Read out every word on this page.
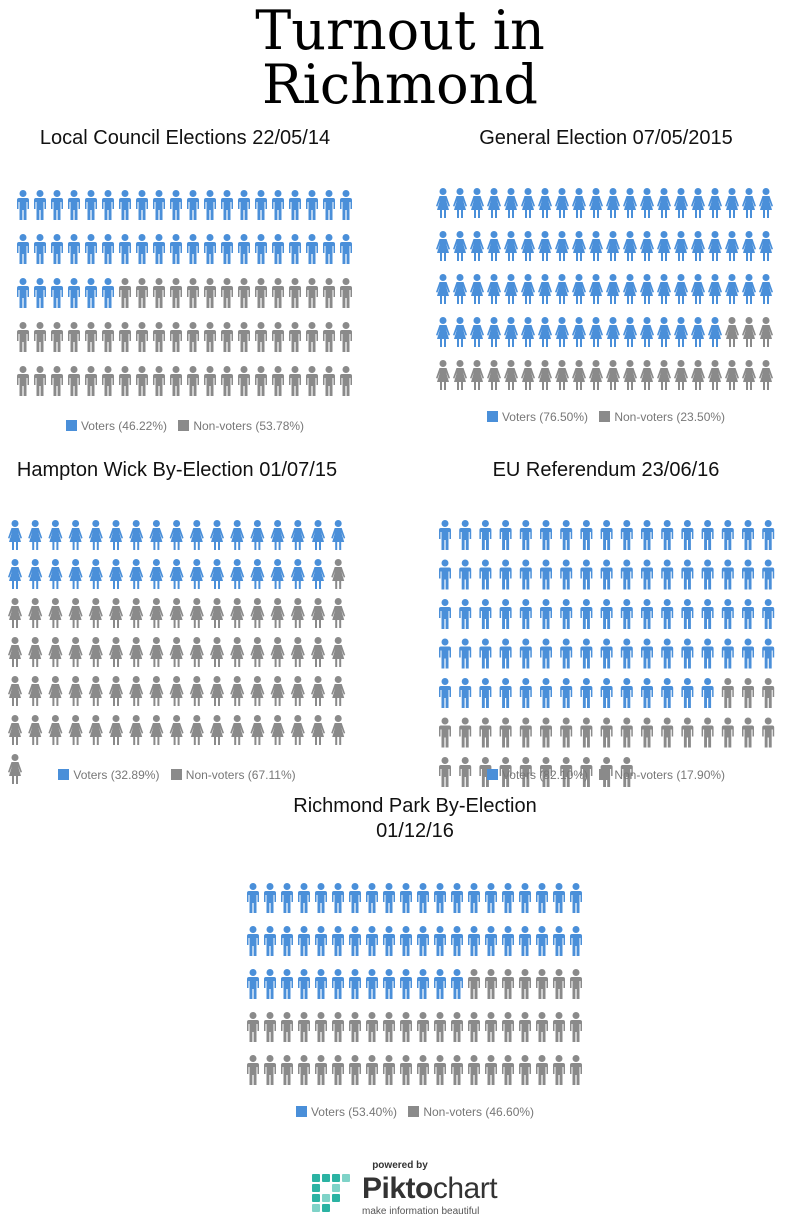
Turnout in
Richmond
Local Council Elections 22/05/14
Voters (46.22%) Non-voters (53.78%)
General Election 07/05/2015
Voters (76.50%) Non-voters (23.50%)
Hampton Wick By-Election 01/07/15
Voters (32.89%) Non-voters (67.11%)
EU Referendum 23/06/16
Voters (82.10%) Non-voters (17.90%)
Richmond Park By-Election
01/12/16
Voters (53.40%) Non-voters (46.60%)
powered by
Piktochart
make information beautiful
